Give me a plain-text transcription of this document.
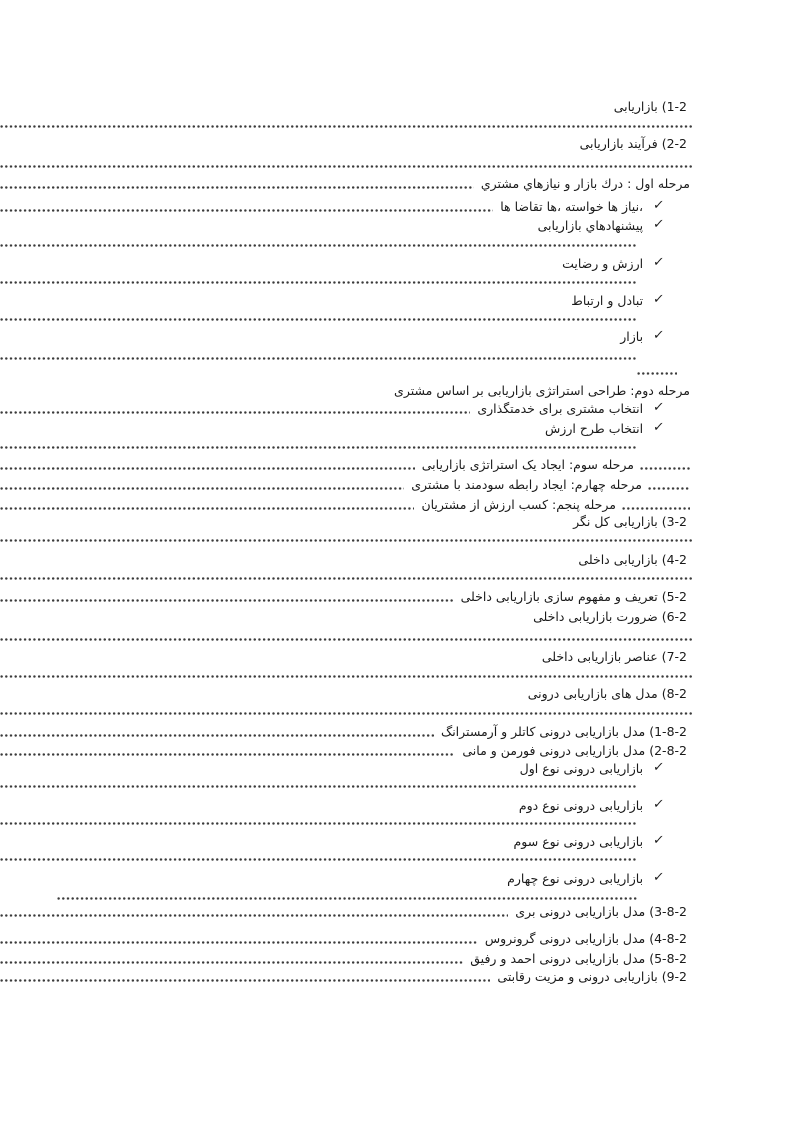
1-2) بازاریابی
2-2) فرآیند بازاریابی
مرحله اول : درك بازار و نیازهاي مشتري
✓
،نیاز ها خواسته ،ها تقاضا ها
✓
پیشنهادهاي بازاریابی
✓
ارزش و رضایت
✓
تبادل و ارتباط
✓
بازار
مرحله دوم: طراحی استراتژی بازاریابی بر اساس مشتری
✓
انتخاب مشتری برای خدمتگذاری
✓
انتخاب طرح ارزش
مرحله سوم: ایجاد یک استراتژی بازاریابی
مرحله چهارم: ایجاد رابطه سودمند با مشتری
مرحله پنجم: کسب ارزش از مشتریان
3-2) بازاریابی کل نگر
4-2) بازاریابی داخلی
5-2) تعریف و مفهوم سازی بازاریابی داخلی
6-2) ضرورت بازاریابی داخلی
7-2) عناصر بازاریابی داخلی
8-2) مدل های بازاریابی درونی
1-8-2) مدل بازاریابی درونی کاتلر و آرمسترانگ
2-8-2) مدل بازاریابی درونی فورمن و مانی
✓
بازاریابی درونی نوع اول
✓
بازاریابی درونی نوع دوم
✓
بازاریابی درونی نوع سوم
✓
بازاریابی درونی نوع چهارم
3-8-2) مدل بازاریابی درونی بری
4-8-2) مدل بازاریابی درونی گرونروس
5-8-2) مدل بازاریابی درونی احمد و رفیق
9-2) بازاریابی درونی و مزیت رقابتی
